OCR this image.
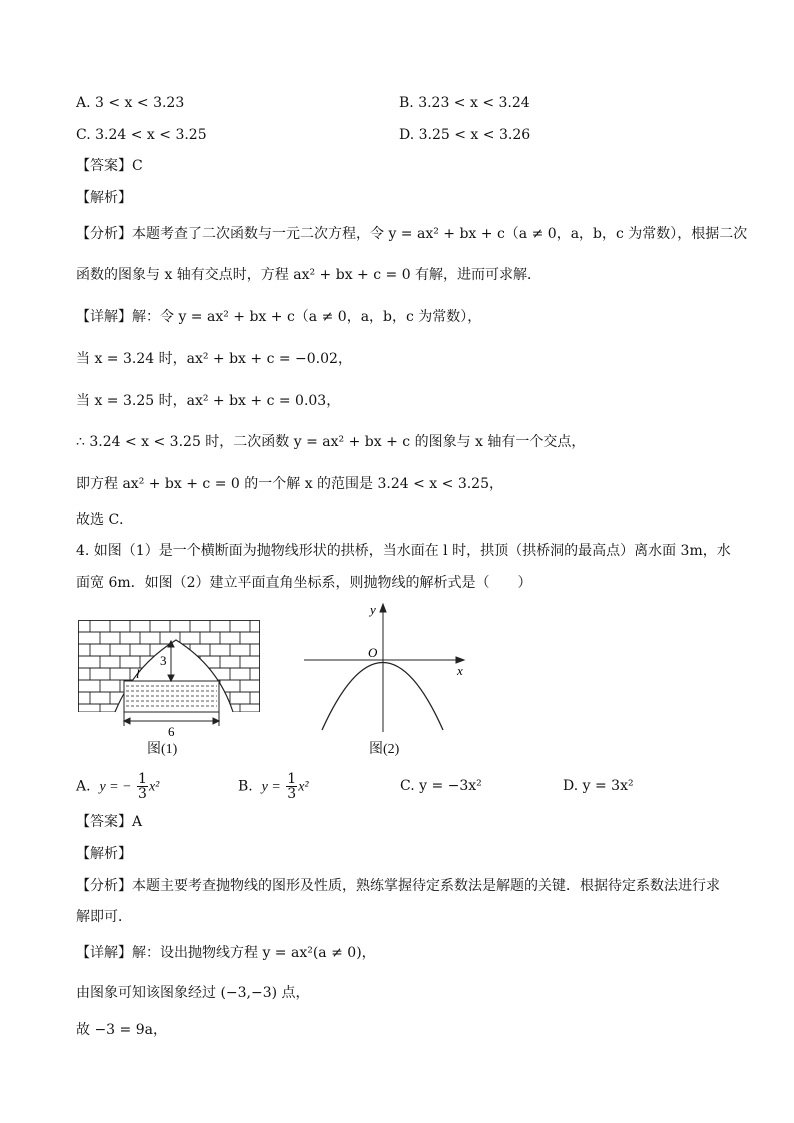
A. 3 < x < 3.23	B. 3.23 < x < 3.24
C. 3.24 < x < 3.25	D. 3.25 < x < 3.26
【答案】C
【解析】
【分析】本题考查了二次函数与一元二次方程，令 y = ax² + bx + c（a ≠ 0，a，b，c 为常数），根据二次
函数的图象与 x 轴有交点时，方程 ax² + bx + c = 0 有解，进而可求解．
【详解】解：令 y = ax² + bx + c（a ≠ 0，a，b，c 为常数），
当 x = 3.24 时，ax² + bx + c = −0.02，
当 x = 3.25 时，ax² + bx + c = 0.03，
∴ 3.24 < x < 3.25 时，二次函数 y = ax² + bx + c 的图象与 x 轴有一个交点，
即方程 ax² + bx + c = 0 的一个解 x 的范围是 3.24 < x < 3.25，
故选 C．
4. 如图（1）是一个横断面为抛物线形状的拱桥，当水面在 l 时，拱顶（拱桥洞的最高点）离水面 3m，水
面宽 6m．如图（2）建立平面直角坐标系，则抛物线的解析式是（　　）
3
l
6
图(1)
y
x
O
图(2)
A. y = − $\frac{1}{3} x^2$	B. $y = \frac{1}{3} x^2$	C. y = −3x²	D. y = 3x²
【答案】A
【解析】
【分析】本题主要考查抛物线的图形及性质，熟练掌握待定系数法是解题的关键．根据待定系数法进行求
解即可．
【详解】解：设出抛物线方程 y = ax²(a ≠ 0)，
由图象可知该图象经过 (−3,−3) 点，
故 −3 = 9a，
